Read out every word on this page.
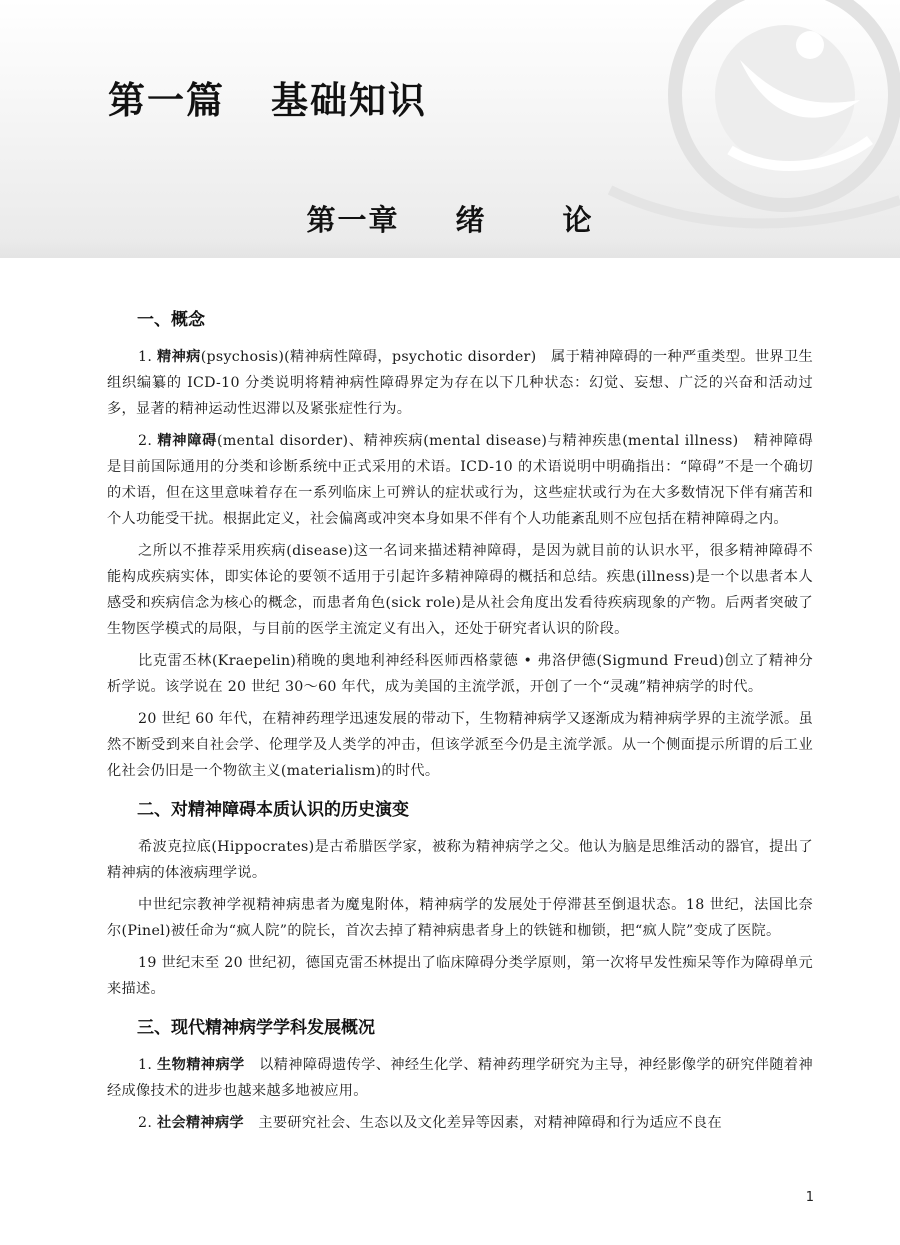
第一篇 基础知识
第一章 绪	论
一、概念

1. 精神病(psychosis)(精神病性障碍，psychotic disorder)　属于精神障碍的一种严重类型。世界卫生组织编纂的 ICD-10 分类说明将精神病性障碍界定为存在以下几种状态：幻觉、妄想、广泛的兴奋和活动过多，显著的精神运动性迟滞以及紧张症性行为。

2. 精神障碍(mental disorder)、精神疾病(mental disease)与精神疾患(mental illness)　精神障碍是目前国际通用的分类和诊断系统中正式采用的术语。ICD-10 的术语说明中明确指出：“障碍”不是一个确切的术语，但在这里意味着存在一系列临床上可辨认的症状或行为，这些症状或行为在大多数情况下伴有痛苦和个人功能受干扰。根据此定义，社会偏离或冲突本身如果不伴有个人功能紊乱则不应包括在精神障碍之内。

之所以不推荐采用疾病(disease)这一名词来描述精神障碍，是因为就目前的认识水平，很多精神障碍不能构成疾病实体，即实体论的要领不适用于引起许多精神障碍的概括和总结。疾患(illness)是一个以患者本人感受和疾病信念为核心的概念，而患者角色(sick role)是从社会角度出发看待疾病现象的产物。后两者突破了生物医学模式的局限，与目前的医学主流定义有出入，还处于研究者认识的阶段。

比克雷丕林(Kraepelin)稍晚的奥地利神经科医师西格蒙德 • 弗洛伊德(Sigmund Freud)创立了精神分析学说。该学说在 20 世纪 30～60 年代，成为美国的主流学派，开创了一个“灵魂”精神病学的时代。

20 世纪 60 年代，在精神药理学迅速发展的带动下，生物精神病学又逐渐成为精神病学界的主流学派。虽然不断受到来自社会学、伦理学及人类学的冲击，但该学派至今仍是主流学派。从一个侧面提示所谓的后工业化社会仍旧是一个物欲主义(materialism)的时代。

二、对精神障碍本质认识的历史演变

希波克拉底(Hippocrates)是古希腊医学家，被称为精神病学之父。他认为脑是思维活动的器官，提出了精神病的体液病理学说。

中世纪宗教神学视精神病患者为魔鬼附体，精神病学的发展处于停滞甚至倒退状态。18 世纪，法国比奈尔(Pinel)被任命为“疯人院”的院长，首次去掉了精神病患者身上的铁链和枷锁，把“疯人院”变成了医院。

19 世纪末至 20 世纪初，德国克雷丕林提出了临床障碍分类学原则，第一次将早发性痴呆等作为障碍单元来描述。

三、现代精神病学学科发展概况

1. 生物精神病学　以精神障碍遗传学、神经生化学、精神药理学研究为主导，神经影像学的研究伴随着神经成像技术的进步也越来越多地被应用。

2. 社会精神病学　主要研究社会、生态以及文化差异等因素，对精神障碍和行为适应不良在

1
